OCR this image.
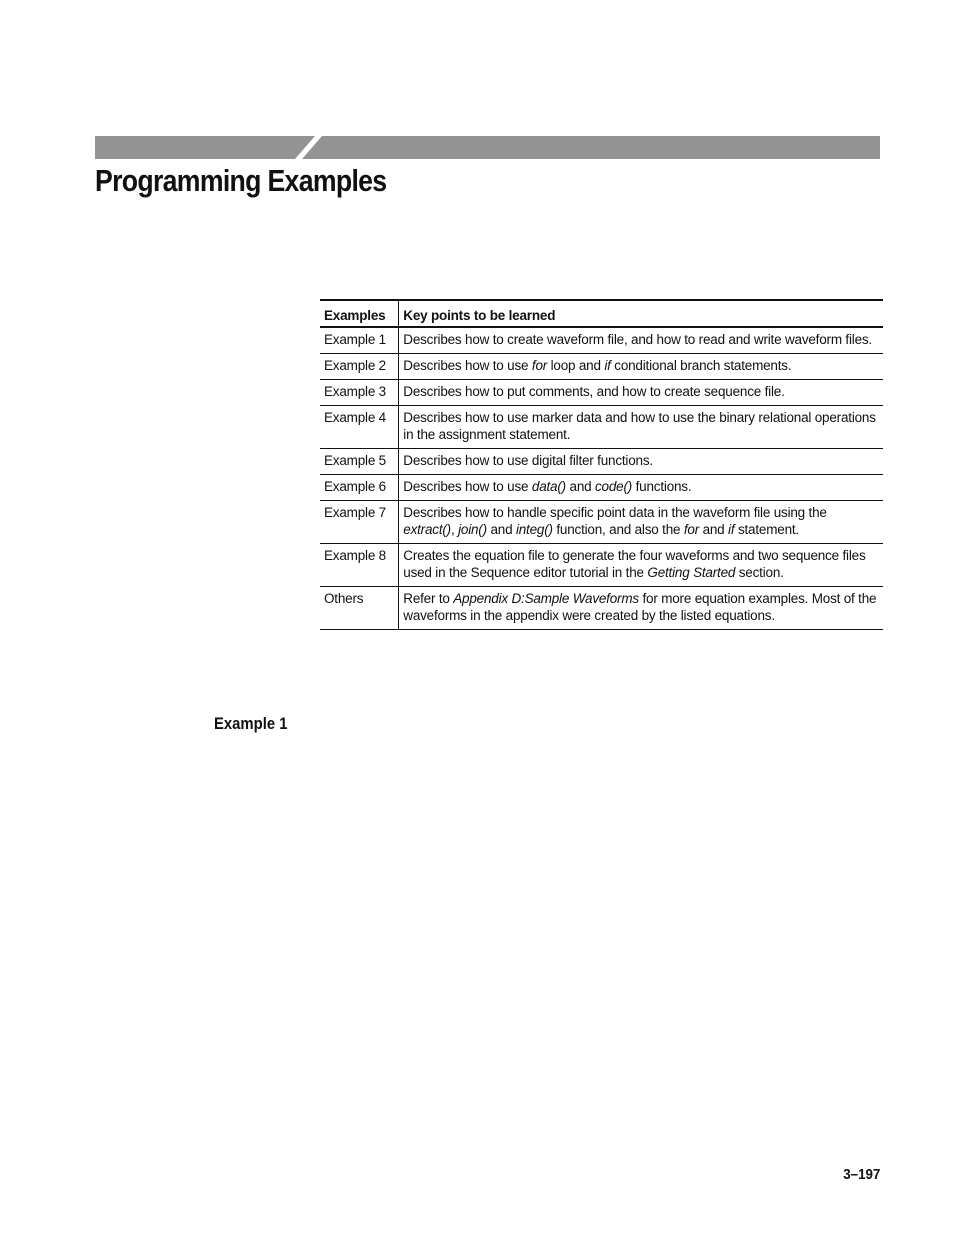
Programming Examples
Examples	Key points to be learned
Example 1	Describes how to create waveform file, and how to read and write waveform files.
Example 2	Describes how to use for loop and if conditional branch statements.
Example 3	Describes how to put comments, and how to create sequence file.
Example 4	Describes how to use marker data and how to use the binary relational operations in the assignment statement.
Example 5	Describes how to use digital filter functions.
Example 6	Describes how to use data() and code() functions.
Example 7	Describes how to handle specific point data in the waveform file using the extract(), join() and integ() function, and also the for and if statement.
Example 8	Creates the equation file to generate the four waveforms and two sequence files used in the Sequence editor tutorial in the Getting Started section.
Others	Refer to Appendix D:Sample Waveforms for more equation examples. Most of the waveforms in the appendix were created by the listed equations.
Example 1
3–197
